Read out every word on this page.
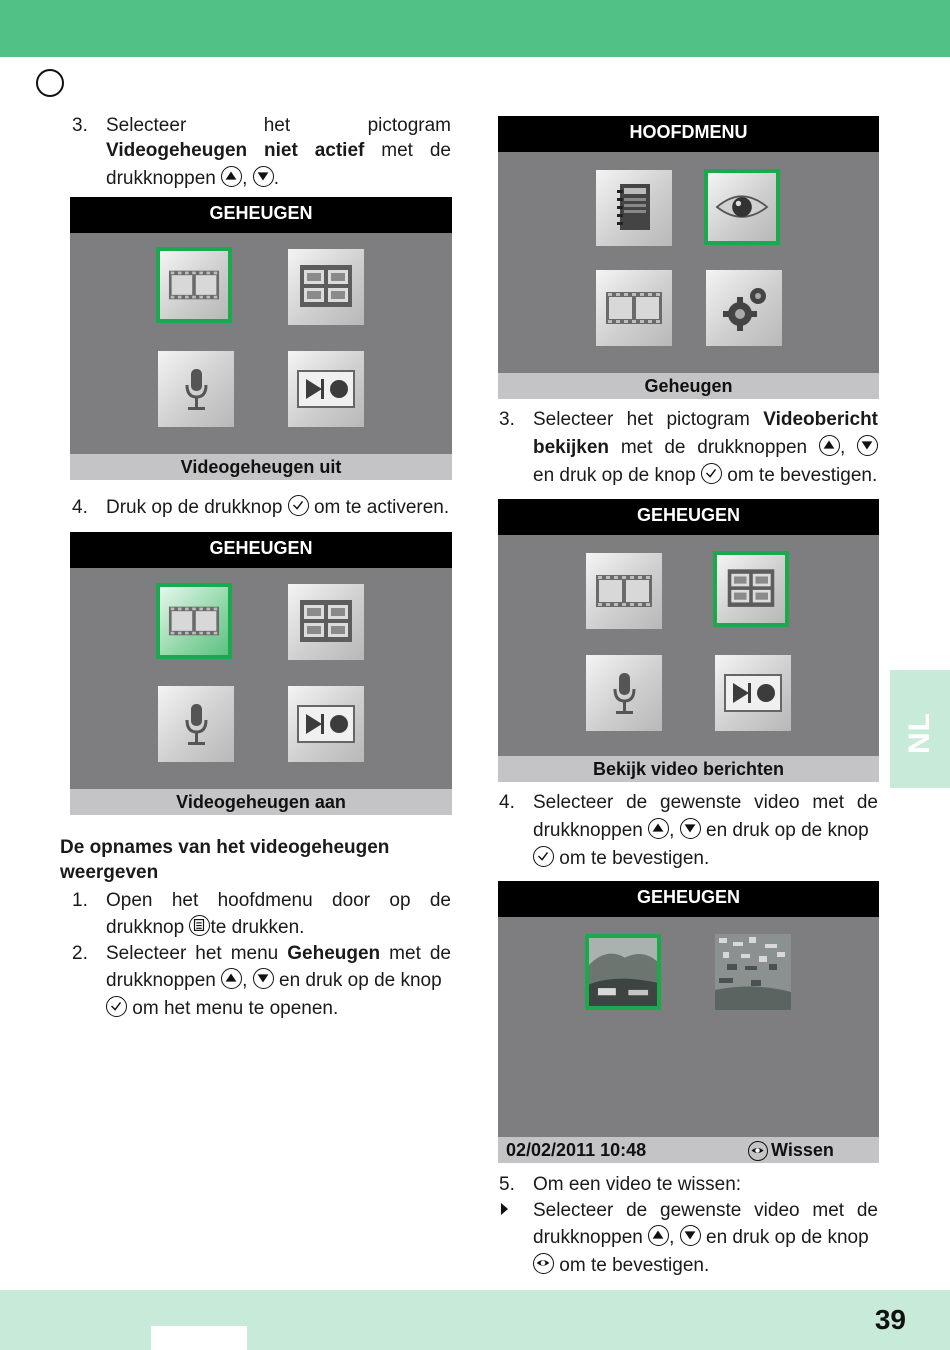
39
NL
3. Selecteer het pictogram
Videogeheugen niet actief met de
drukknoppen , .
GEHEUGEN
Videogeheugen uit
4. Druk op de drukknop om te activeren.
GEHEUGEN
Videogeheugen aan
De opnames van het videogeheugen
weergeven
1. Open het hoofdmenu door op de
drukknop te drukken.
2. Selecteer het menu Geheugen met de
drukknoppen , en druk op de knop
om het menu te openen.
HOOFDMENU
Geheugen
3. Selecteer het pictogram Videobericht
bekijken met de drukknoppen ,
en druk op de knop om te bevestigen.
GEHEUGEN
Bekijk video berichten
4. Selecteer de gewenste video met de
drukknoppen , en druk op de knop
om te bevestigen.
GEHEUGEN
02/02/2011 10:48	Wissen
5. Om een video te wissen:
Selecteer de gewenste video met de
drukknoppen , en druk op de knop
om te bevestigen.
